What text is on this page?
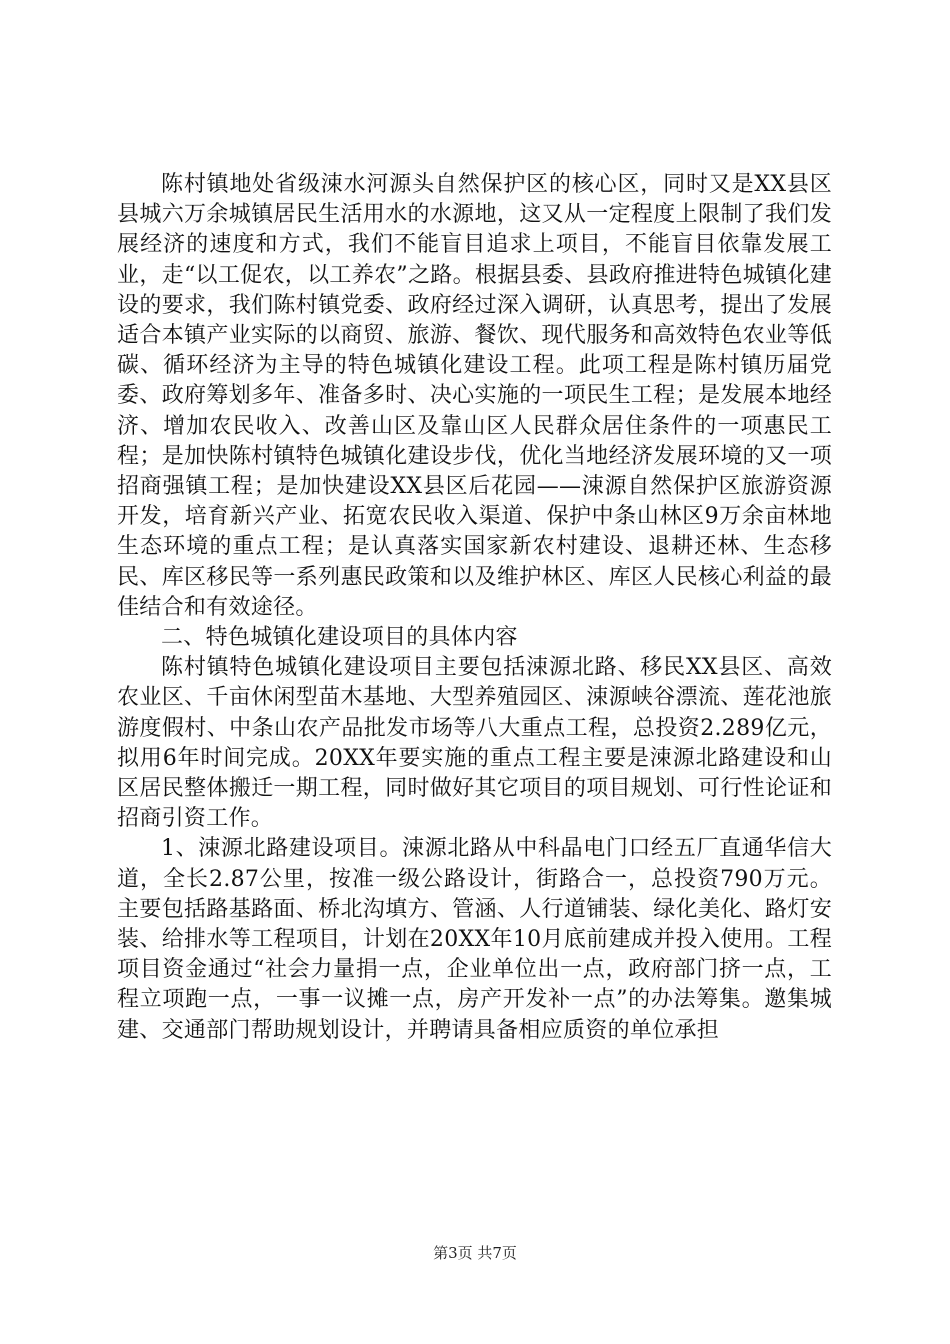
陈村镇地处省级涑水河源头自然保护区的核心区，同时又是XX县区县城六万余城镇居民生活用水的水源地，这又从一定程度上限制了我们发展经济的速度和方式，我们不能盲目追求上项目，不能盲目依靠发展工业，走“以工促农，以工养农”之路。根据县委、县政府推进特色城镇化建设的要求，我们陈村镇党委、政府经过深入调研，认真思考，提出了发展适合本镇产业实际的以商贸、旅游、餐饮、现代服务和高效特色农业等低碳、循环经济为主导的特色城镇化建设工程。此项工程是陈村镇历届党委、政府筹划多年、准备多时、决心实施的一项民生工程；是发展本地经济、增加农民收入、改善山区及靠山区人民群众居住条件的一项惠民工程；是加快陈村镇特色城镇化建设步伐，优化当地经济发展环境的又一项招商强镇工程；是加快建设XX县区后花园——涑源自然保护区旅游资源开发，培育新兴产业、拓宽农民收入渠道、保护中条山林区9万余亩林地生态环境的重点工程；是认真落实国家新农村建设、退耕还林、生态移民、库区移民等一系列惠民政策和以及维护林区、库区人民核心利益的最佳结合和有效途径。

二、特色城镇化建设项目的具体内容

陈村镇特色城镇化建设项目主要包括涑源北路、移民XX县区、高效农业区、千亩休闲型苗木基地、大型养殖园区、涑源峡谷漂流、莲花池旅游度假村、中条山农产品批发市场等八大重点工程，总投资2.289亿元，拟用6年时间完成。20XX年要实施的重点工程主要是涑源北路建设和山区居民整体搬迁一期工程，同时做好其它项目的项目规划、可行性论证和招商引资工作。

1、涑源北路建设项目。涑源北路从中科晶电门口经五厂直通华信大道，全长2.87公里，按准一级公路设计，街路合一，总投资790万元。主要包括路基路面、桥北沟填方、管涵、人行道铺装、绿化美化、路灯安装、给排水等工程项目，计划在20XX年10月底前建成并投入使用。工程项目资金通过“社会力量捐一点，企业单位出一点，政府部门挤一点，工程立项跑一点，一事一议摊一点，房产开发补一点”的办法筹集。邀集城建、交通部门帮助规划设计，并聘请具备相应质资的单位承担

第3页 共7页
